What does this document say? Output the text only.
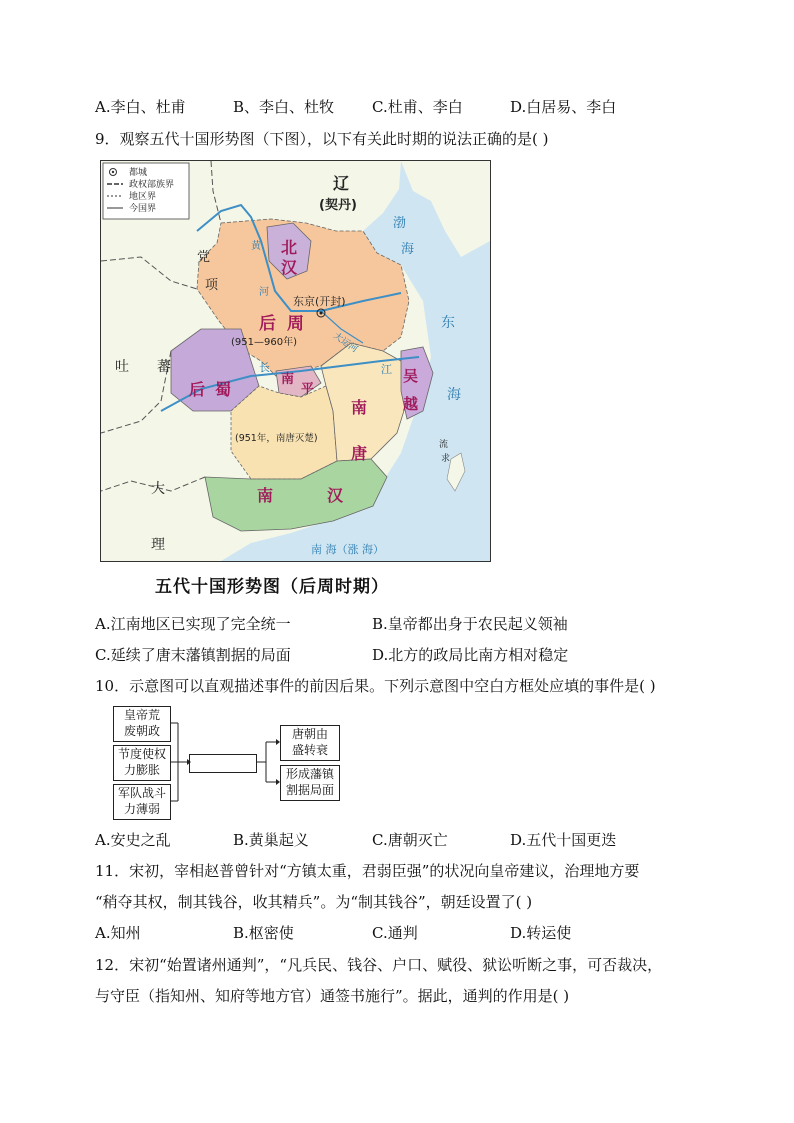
A.李白、杜甫	B、李白、杜牧	C.杜甫、李白	D.白居易、李白
9．观察五代十国形势图（下图），以下有关此时期的说法正确的是( )
都城
政权部族界
地区界
今国界
辽
(契丹)
北
汉
东京(开封)
后 周
(951—960年)
后 蜀
南
平
南
唐
吴
越
(951年，南唐灭楚)
南	汉
党
项
吐 蕃
大
理
渤
海
东
海
南 海（涨 海）
流
求
黄
河
长	江
大运河
五代十国形势图（后周时期）
A.江南地区已实现了完全统一	B.皇帝都出身于农民起义领袖
C.延续了唐末藩镇割据的局面	D.北方的政局比南方相对稳定
10．示意图可以直观描述事件的前因后果。下列示意图中空白方框处应填的事件是( )
皇帝荒
废朝政
节度使权
力膨胀
军队战斗
力薄弱
唐朝由
盛转衰
形成藩镇
割据局面
A.安史之乱	B.黄巢起义	C.唐朝灭亡	D.五代十国更迭
11．宋初，宰相赵普曾针对“方镇太重，君弱臣强”的状况向皇帝建议，治理地方要
“稍夺其权，制其钱谷，收其精兵”。为“制其钱谷”，朝廷设置了( )
A.知州	B.枢密使	C.通判	D.转运使
12．宋初“始置诸州通判”，“凡兵民、钱谷、户口、赋役、狱讼听断之事，可否裁决，
与守臣（指知州、知府等地方官）通签书施行”。据此，通判的作用是( )
